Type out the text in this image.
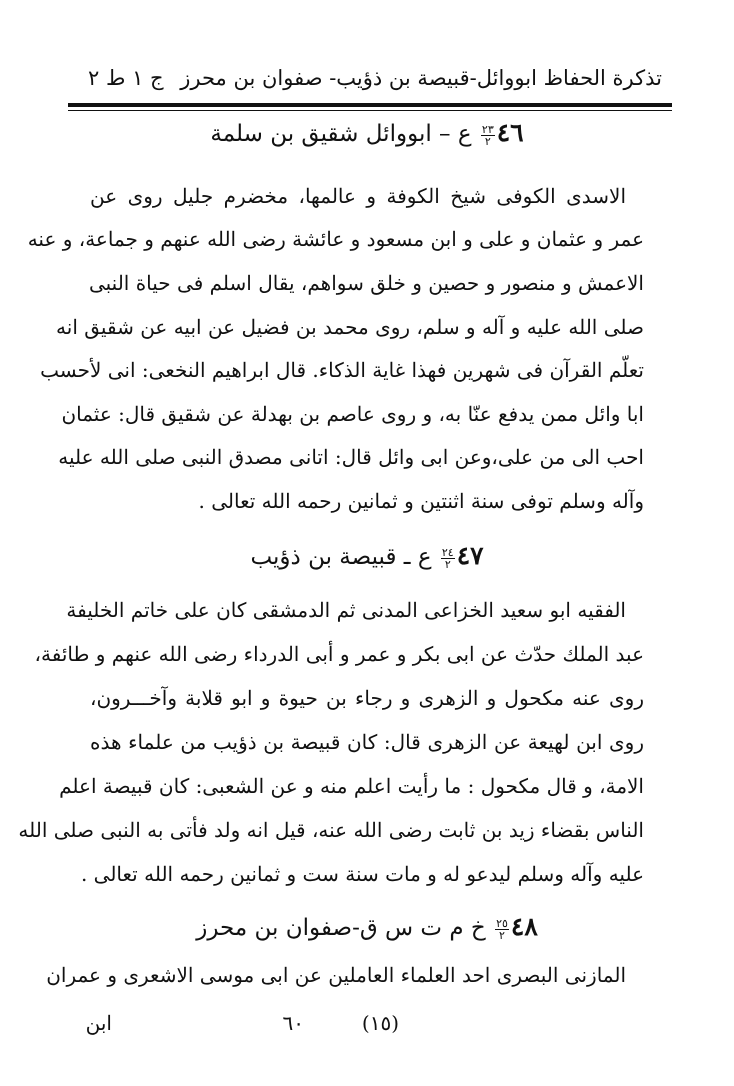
تذكرة الحفاظ ابووائل-قبيصة بن ذؤيب- صفوان بن محرز
ج ١ ط ٢
٤٦
$\frac{٢٣}{٢}$
ع – ابووائل شقيق بن سلمة
الاسدى الكوفى شيخ الكوفة و عالمها، مخضرم جليل روى عن
عمر و عثمان و على و ابن مسعود و عائشة رضى الله عنهم و جماعة، و عنه
الاعمش و منصور و حصين و خلق سواهم، يقال اسلم فى حياة النبى
صلى الله عليه و آله و سلم، روى محمد بن فضيل عن ابيه عن شقيق انه
تعلّم القرآن فى شهرين فهذا غاية الذكاء. قال ابراهيم النخعى: انى لأحسب
ابا وائل ممن يدفع عنّا به، و روى عاصم بن بهدلة عن شقيق قال: عثمان
احب الى من على،وعن ابى وائل قال: اتانى مصدق النبى صلى الله عليه
وآله وسلم توفى سنة اثنتين و ثمانين رحمه الله تعالى .
٤٧
$\frac{٢٤}{٢}$
ع ـ قبيصة بن ذؤيب
الفقيه ابو سعيد الخزاعى المدنى ثم الدمشقى كان على خاتم الخليفة
عبد الملك حدّث عن ابى بكر و عمر و أبى الدرداء رضى الله عنهم و طائفة،
روى عنه مكحول و الزهرى و رجاء بن حيوة و ابو قلابة وآخـــرون،
روى ابن لهيعة عن الزهرى قال: كان قبيصة بن ذؤيب من علماء هذه
الامة، و قال مكحول : ما رأيت اعلم منه و عن الشعبى: كان قبيصة اعلم
الناس بقضاء زيد بن ثابت رضى الله عنه، قيل انه ولد فأتى به النبى صلى الله
عليه وآله وسلم ليدعو له و مات سنة ست و ثمانين رحمه الله تعالى .
٤٨
$\frac{٢٥}{٢}$
خ م ت س ق-صفوان بن محرز
المازنى البصرى احد العلماء العاملين عن ابى موسى الاشعرى و عمران
٦٠	(١٥)
ابن
